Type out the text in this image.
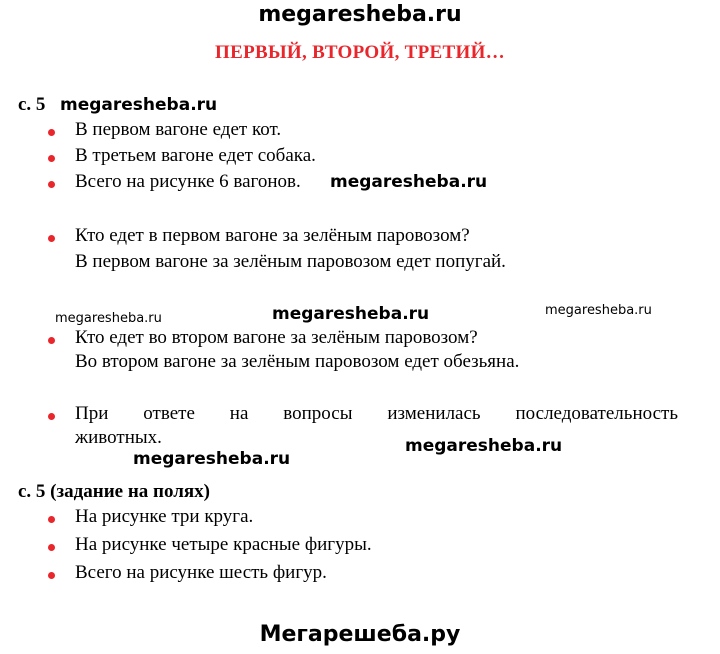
megaresheba.ru
ПЕРВЫЙ, ВТОРОЙ, ТРЕТИЙ…
с. 5 megaresheba.ru
В первом вагоне едет кот.
В третьем вагоне едет собака.
Всего на рисунке 6 вагонов. megaresheba.ru
Кто едет в первом вагоне за зелёным паровозом?
В первом вагоне за зелёным паровозом едет попугай.
megaresheba.ru	megaresheba.ru	megaresheba.ru
Кто едет во втором вагоне за зелёным паровозом?
Во втором вагоне за зелёным паровозом едет обезьяна.
При ответе на вопросы изменилась последовательность
животных.
megaresheba.ru
megaresheba.ru
с. 5 (задание на полях)
На рисунке три круга.
На рисунке четыре красные фигуры.
Всего на рисунке шесть фигур.
Мегарешеба.ру
